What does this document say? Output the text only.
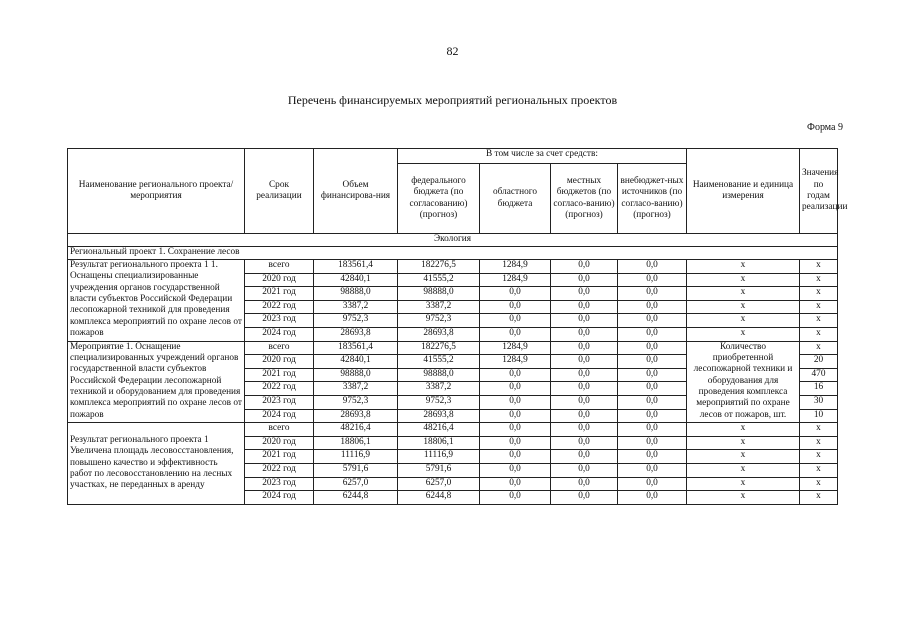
82
Перечень финансируемых мероприятий региональных проектов
Форма 9
Наименование регионального проекта/ мероприятия	Срок реализации	Объем финансирова-ния	В том числе за счет средств:				Наименование и единица измерения	Значения по годам реализации
			федерального бюджета (по согласованию) (прогноз)	областного бюджета	местных бюджетов (по согласо-ванию) (прогноз)	внебюджет-ных источников (по согласо-ванию) (прогноз)		
Экология								
Региональный проект 1. Сохранение лесов								
Результат регионального проекта 1 1. Оснащены специализированные учреждения органов государственной власти субъектов Российской Федерации лесопожарной техникой для проведения комплекса мероприятий по охране лесов от пожаров	всего	183561,4	182276,5	1284,9	0,0	0,0	x	x
	2020 год	42840,1	41555,2	1284,9	0,0	0,0	x	x
	2021 год	98888,0	98888,0	0,0	0,0	0,0	x	x
	2022 год	3387,2	3387,2	0,0	0,0	0,0	x	x
	2023 год	9752,3	9752,3	0,0	0,0	0,0	x	x
	2024 год	28693,8	28693,8	0,0	0,0	0,0	x	x
Мероприятие 1. Оснащение специализированных учреждений органов государственной власти субъектов Российской Федерации лесопожарной техникой и оборудованием для проведения комплекса мероприятий по охране лесов от пожаров	всего	183561,4	182276,5	1284,9	0,0	0,0	Количество приобретенной лесопожарной техники и оборудования для проведения комплекса мероприятий по охране лесов от пожаров, шт.	x
	2020 год	42840,1	41555,2	1284,9	0,0	0,0		20
	2021 год	98888,0	98888,0	0,0	0,0	0,0		470
	2022 год	3387,2	3387,2	0,0	0,0	0,0		16
	2023 год	9752,3	9752,3	0,0	0,0	0,0		30
	2024 год	28693,8	28693,8	0,0	0,0	0,0		10
Результат регионального проекта 1 Увеличена площадь лесовосстановления, повышено качество и эффективность работ по лесовосстановлению на лесных участках, не переданных в аренду	всего	48216,4	48216,4	0,0	0,0	0,0	x	x
	2020 год	18806,1	18806,1	0,0	0,0	0,0	x	x
	2021 год	11116,9	11116,9	0,0	0,0	0,0	x	x
	2022 год	5791,6	5791,6	0,0	0,0	0,0	x	x
	2023 год	6257,0	6257,0	0,0	0,0	0,0	x	x
	2024 год	6244,8	6244,8	0,0	0,0	0,0	x	x
